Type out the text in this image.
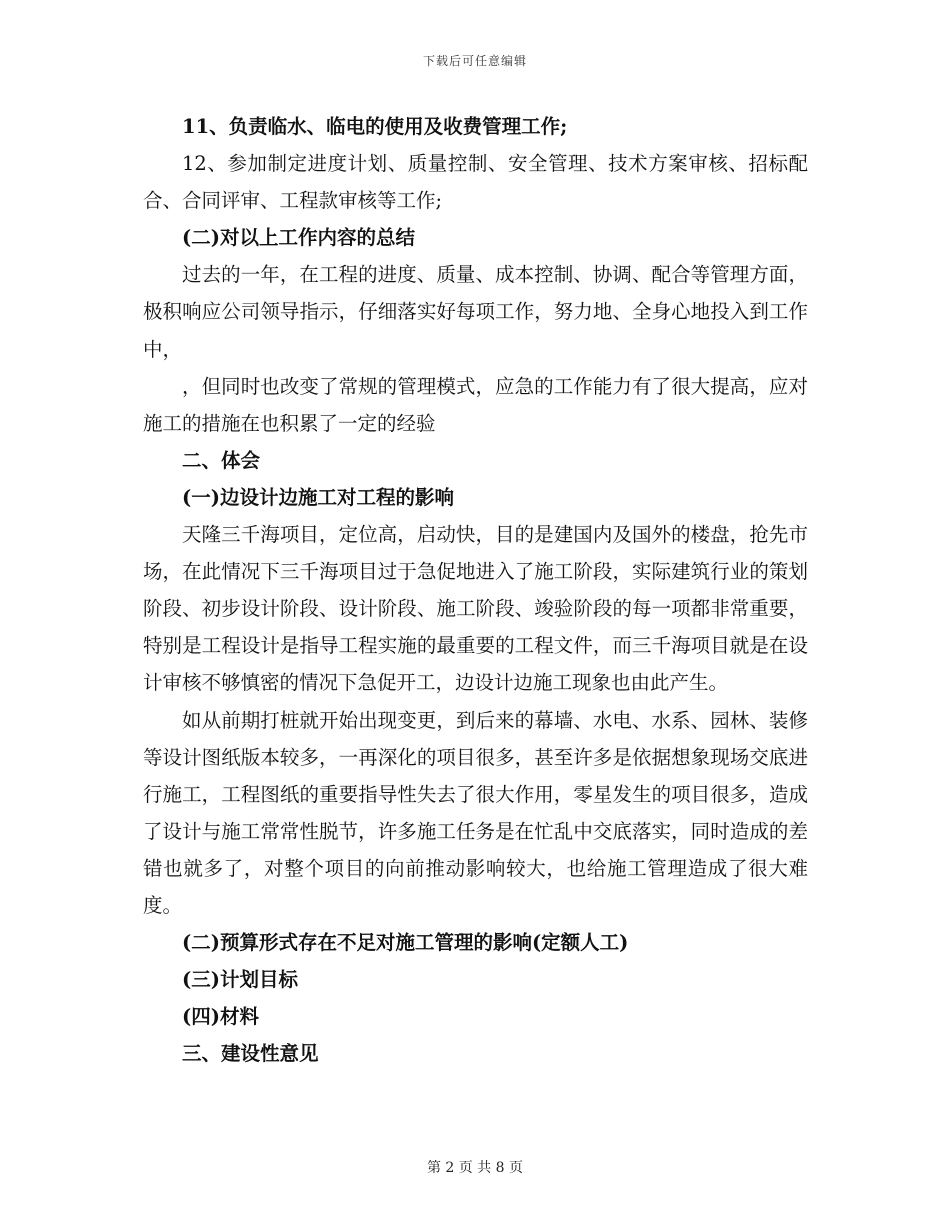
下载后可任意编辑

11、负责临水、临电的使用及收费管理工作;

12、参加制定进度计划、质量控制、安全管理、技术方案审核、招标配合、合同评审、工程款审核等工作;

(二)对以上工作内容的总结

过去的一年，在工程的进度、质量、成本控制、协调、配合等管理方面，极积响应公司领导指示，仔细落实好每项工作，努力地、全身心地投入到工作中，

，但同时也改变了常规的管理模式，应急的工作能力有了很大提高，应对施工的措施在也积累了一定的经验

二、体会

(一)边设计边施工对工程的影响

天隆三千海项目，定位高，启动快，目的是建国内及国外的楼盘，抢先市场，在此情况下三千海项目过于急促地进入了施工阶段，实际建筑行业的策划阶段、初步设计阶段、设计阶段、施工阶段、竣验阶段的每一项都非常重要，特别是工程设计是指导工程实施的最重要的工程文件，而三千海项目就是在设计审核不够慎密的情况下急促开工，边设计边施工现象也由此产生。

如从前期打桩就开始出现变更，到后来的幕墙、水电、水系、园林、装修等设计图纸版本较多，一再深化的项目很多，甚至许多是依据想象现场交底进行施工，工程图纸的重要指导性失去了很大作用，零星发生的项目很多，造成了设计与施工常常性脱节，许多施工任务是在忙乱中交底落实，同时造成的差错也就多了，对整个项目的向前推动影响较大，也给施工管理造成了很大难度。

(二)预算形式存在不足对施工管理的影响(定额人工)

(三)计划目标

(四)材料

三、建设性意见

第 2 页 共 8 页
